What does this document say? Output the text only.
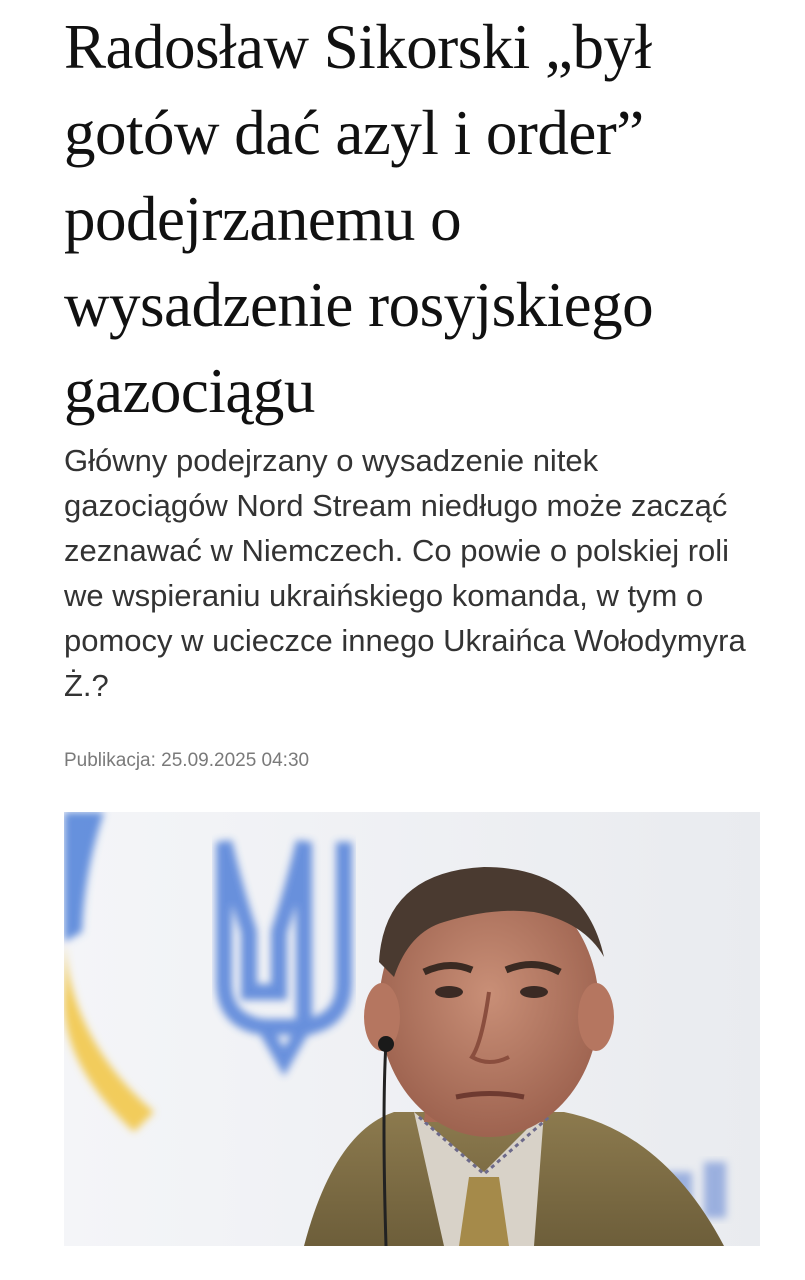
Radosław Sikorski „był gotów dać azyl i order” podejrzanemu o wysadzenie rosyjskiego gazociągu

Główny podejrzany o wysadzenie nitek gazociągów Nord Stream niedługo może zacząć zeznawać w Niemczech. Co powie o polskiej roli we wspieraniu ukraińskiego komanda, w tym o pomocy w ucieczce innego Ukraińca Wołodymyra Ż.?

Publikacja: 25.09.2025 04:30
